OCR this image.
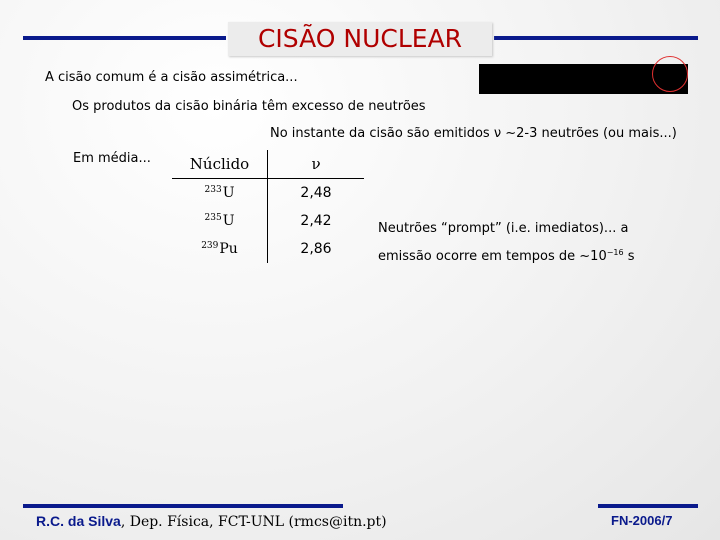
CISÃO NUCLEAR
A cisão comum é a cisão assimétrica...
Os produtos da cisão binária têm excesso de neutrões
No instante da cisão são emitidos ν ~2-3 neutrões (ou mais...)
Em média...	Núclido	ν
$^{233}$U	2,48
$^{235}$U	2,42
$^{239}$Pu	2,86
Neutrões “prompt” (i.e. imediatos)... a
emissão ocorre em tempos de $\sim 10^{-16}$ s
R.C. da Silva, Dep. Física, FCT-UNL (rmcs@itn.pt)	FN-2006/7
